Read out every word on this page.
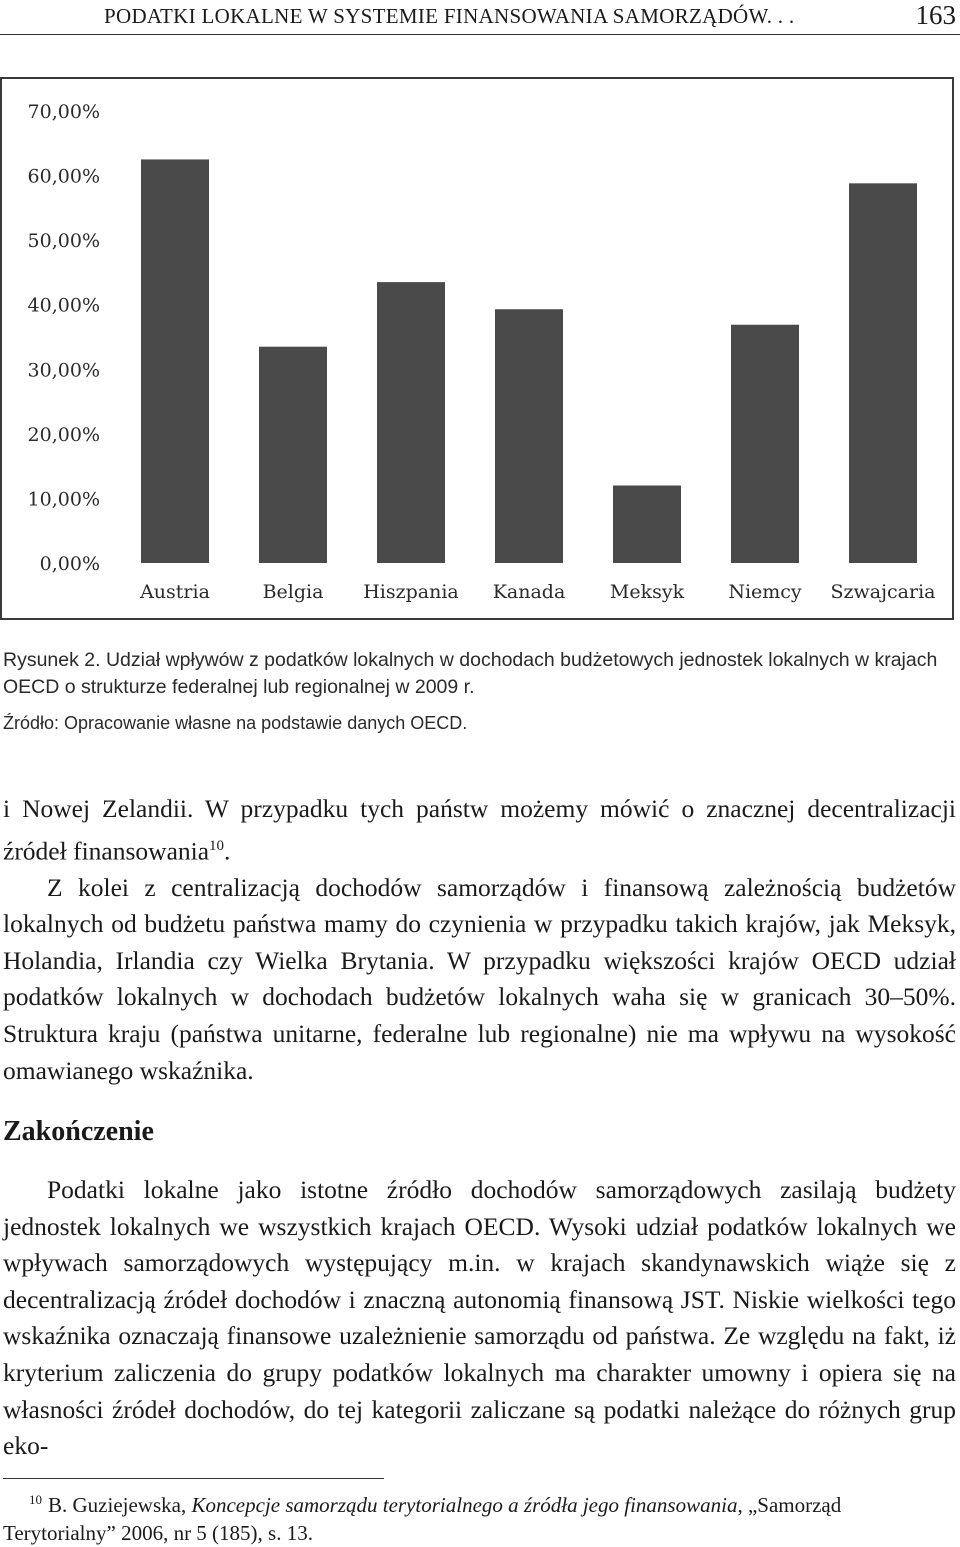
PODATKI LOKALNE W SYSTEMIE FINANSOWANIA SAMORZĄDÓW. . .	163
0,00%
10,00%
20,00%
30,00%
40,00%
50,00%
60,00%
70,00%
Austria	Belgia Hiszpania Kanada Meksyk Niemcy Szwajcaria
Rysunek 2. Udział wpływów z podatków lokalnych w dochodach budżetowych jednostek lokalnych w krajach OECD o strukturze federalnej lub regionalnej w 2009 r.
Źródło: Opracowanie własne na podstawie danych OECD.

i Nowej Zelandii. W przypadku tych państw możemy mówić o znacznej decentralizacji źródeł finansowania$^{10}$.

Z kolei z centralizacją dochodów samorządów i finansową zależnością budżetów lokalnych od budżetu państwa mamy do czynienia w przypadku takich krajów, jak Meksyk, Holandia, Irlandia czy Wielka Brytania. W przypadku większości krajów OECD udział podatków lokalnych w dochodach budżetów lokalnych waha się w granicach 30–50%. Struktura kraju (państwa unitarne, federalne lub regionalne) nie ma wpływu na wysokość omawianego wskaźnika.

Zakończenie

Podatki lokalne jako istotne źródło dochodów samorządowych zasilają budżety jednostek lokalnych we wszystkich krajach OECD. Wysoki udział podatków lokalnych we wpływach samorządowych występujący m.in. w krajach skandynawskich wiąże się z decentralizacją źródeł dochodów i znaczną autonomią finansową JST. Niskie wielkości tego wskaźnika oznaczają finansowe uzależnienie samorządu od państwa. Ze względu na fakt, iż kryterium zaliczenia do grupy podatków lokalnych ma charakter umowny i opiera się na własności źródeł dochodów, do tej kategorii zaliczane są podatki należące do różnych grup eko-

$^{10}$ B. Guziejewska, Koncepcje samorządu terytorialnego a źródła jego finansowania, „Samorząd Terytorialny” 2006, nr 5 (185), s. 13.
